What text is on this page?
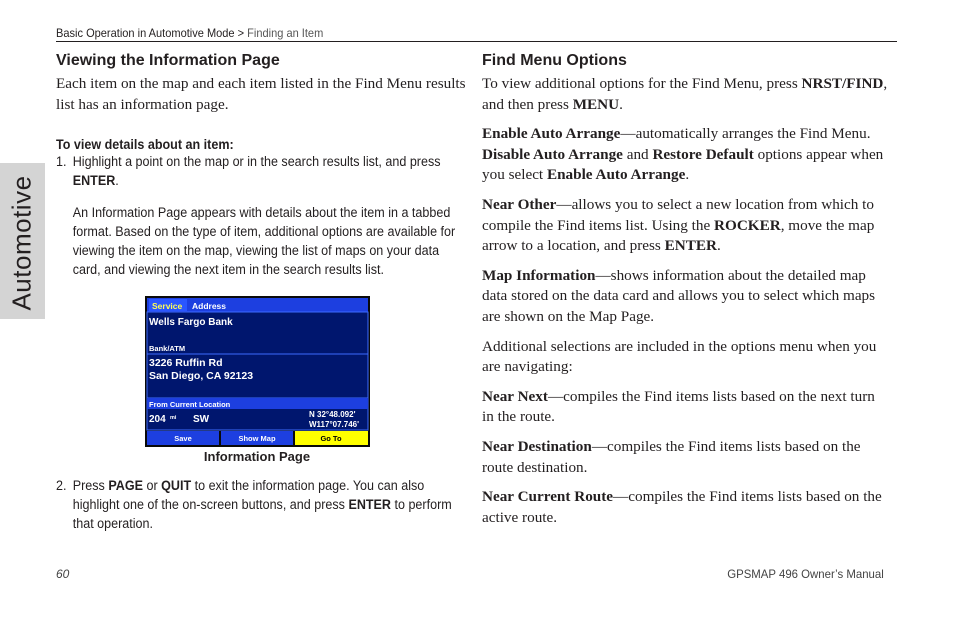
Basic Operation in Automotive Mode > Finding an Item
Automotive
Viewing the Information Page

Each item on the map and each item listed in the Find Menu results list has an information page.

To view details about an item:
1. Highlight a point on the map or in the search results list, and press ENTER.
An Information Page appears with details about the item in a tabbed format. Based on the type of item, additional options are available for viewing the item on the map, viewing the list of maps on your data card, and viewing the next item in the search results list.
Service Address
Wells Fargo Bank
Bank/ATM
3226 Ruffin Rd
San Diego, CA 92123
From Current Location
204 mi SW	N 32°48.092'
W117°07.746'
Save	Show Map	Go To
Information Page
2. Press PAGE or QUIT to exit the information page. You can also highlight one of the on-screen buttons, and press ENTER to perform that operation.
Find Menu Options

To view additional options for the Find Menu, press NRST/FIND, and then press MENU.

Enable Auto Arrange—automatically arranges the Find Menu. Disable Auto Arrange and Restore Default options appear when you select Enable Auto Arrange.

Near Other—allows you to select a new location from which to compile the Find items list. Using the ROCKER, move the map arrow to a location, and press ENTER.

Map Information—shows information about the detailed map data stored on the data card and allows you to select which maps are shown on the Map Page.

Additional selections are included in the options menu when you are navigating:

Near Next—compiles the Find items lists based on the next turn in the route.

Near Destination—compiles the Find items lists based on the route destination.

Near Current Route—compiles the Find items lists based on the active route.

60	GPSMAP 496 Owner’s Manual
